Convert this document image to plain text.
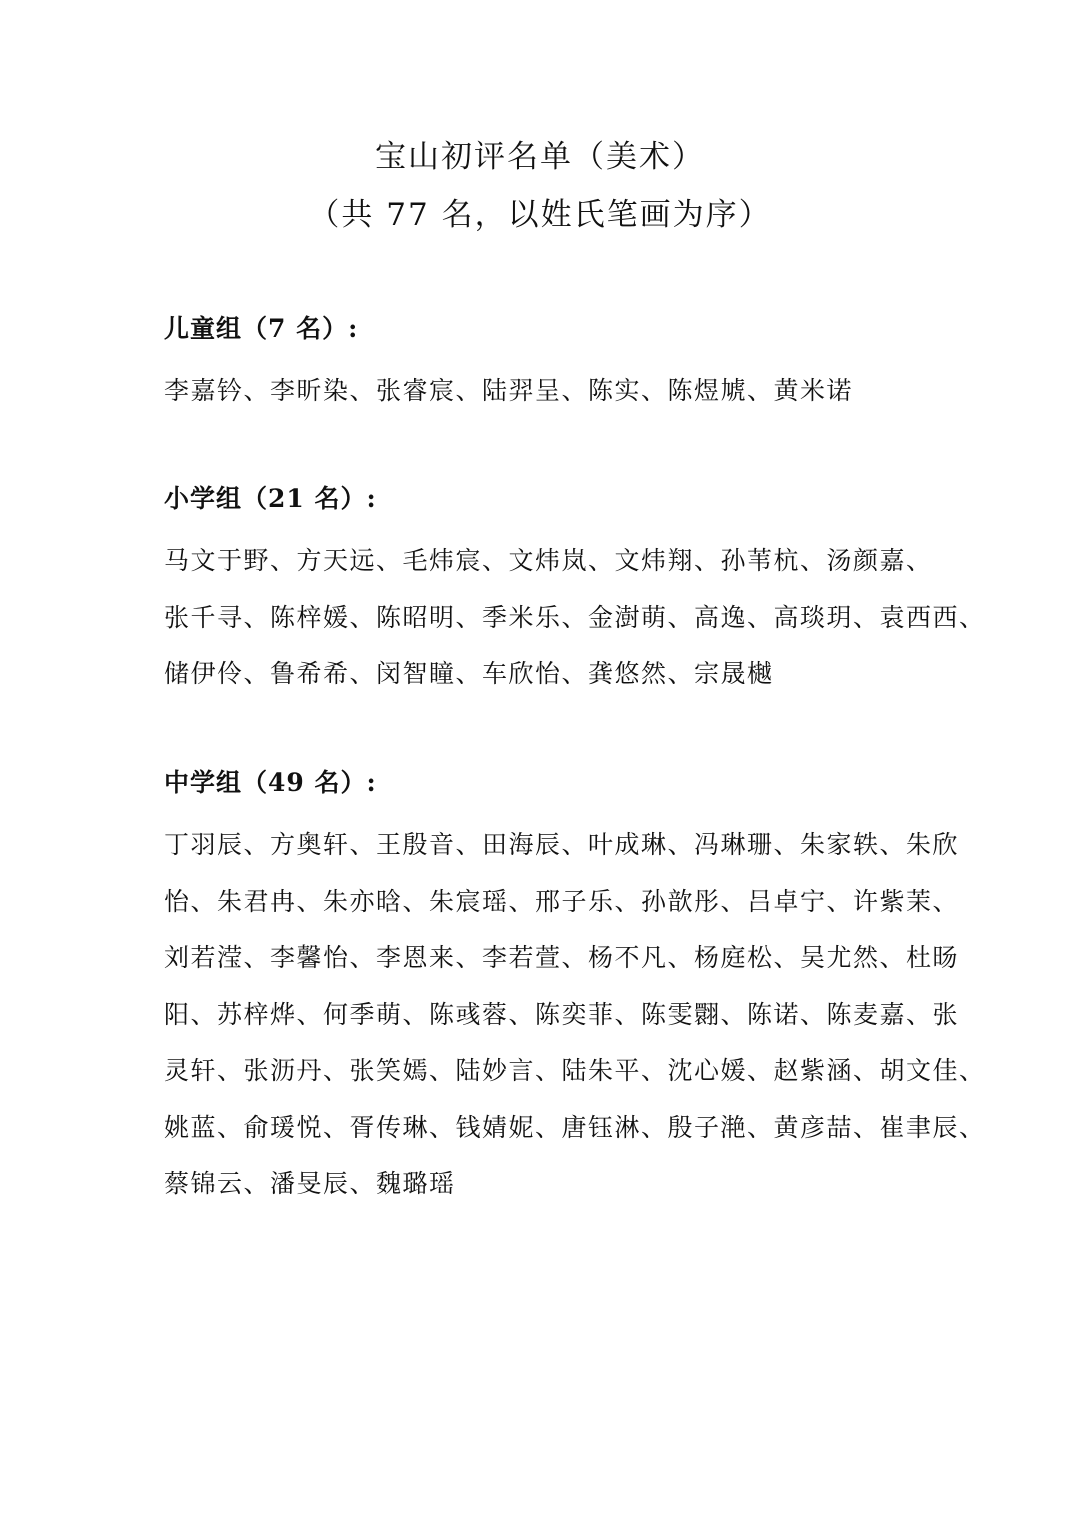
宝山初评名单（美术）
（共 77 名，以姓氏笔画为序）
儿童组（7 名）:
李嘉钤、李昕染、张睿宸、陆羿呈、陈实、陈煜虓、黄米诺
小学组（21 名）:
马文于野、方天远、毛炜宸、文炜岚、文炜翔、孙苇杭、汤颜嘉、
张千寻、陈梓媛、陈昭明、季米乐、金澍萌、高逸、高琰玥、袁西西、
储伊伶、鲁希希、闵智瞳、车欣怡、龚悠然、宗晟樾
中学组（49 名）:
丁羽辰、方奥轩、王殷音、田海辰、叶成琳、冯琳珊、朱家轶、朱欣
怡、朱君冉、朱亦晗、朱宸瑶、邢子乐、孙歆彤、吕卓宁、许紫茉、
刘若滢、李馨怡、李恩来、李若萱、杨不凡、杨庭松、吴尤然、杜旸
阳、苏梓烨、何季萌、陈彧蓉、陈奕菲、陈雯翾、陈诺、陈麦嘉、张
灵轩、张沥丹、张笑嫣、陆妙言、陆朱平、沈心媛、赵紫涵、胡文佳、
姚蓝、俞瑗悦、胥传琳、钱婧妮、唐钰淋、殷子滟、黄彦喆、崔聿辰、
蔡锦云、潘旻辰、魏璐瑶
